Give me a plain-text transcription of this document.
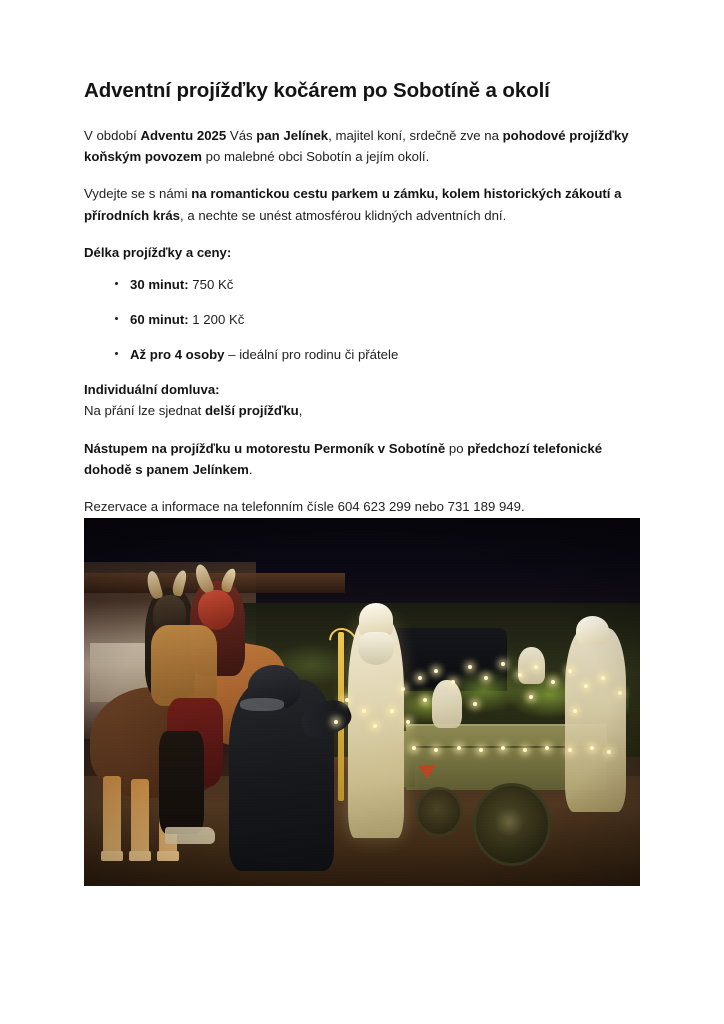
Adventní projížďky kočárem po Sobotíně a okolí

V období Adventu 2025 Vás pan Jelínek, majitel koní, srdečně zve na pohodové projížďky koňským povozem po malebné obci Sobotín a jejím okolí.

Vydejte se s námi na romantickou cestu parkem u zámku, kolem historických zákoutí a přírodních krás, a nechte se unést atmosférou klidných adventních dní.

Délka projížďky a ceny:

30 minut: 750 Kč
60 minut: 1 200 Kč
Až pro 4 osoby – ideální pro rodinu či přátele

Individuální domluva:

Na přání lze sjednat delší projížďku,

Nástupem na projížďku u motorestu Permoník v Sobotíně po předchozí telefonické dohodě s panem Jelínkem.

Rezervace a informace na telefonním čísle 604 623 299 nebo 731 189 949.
